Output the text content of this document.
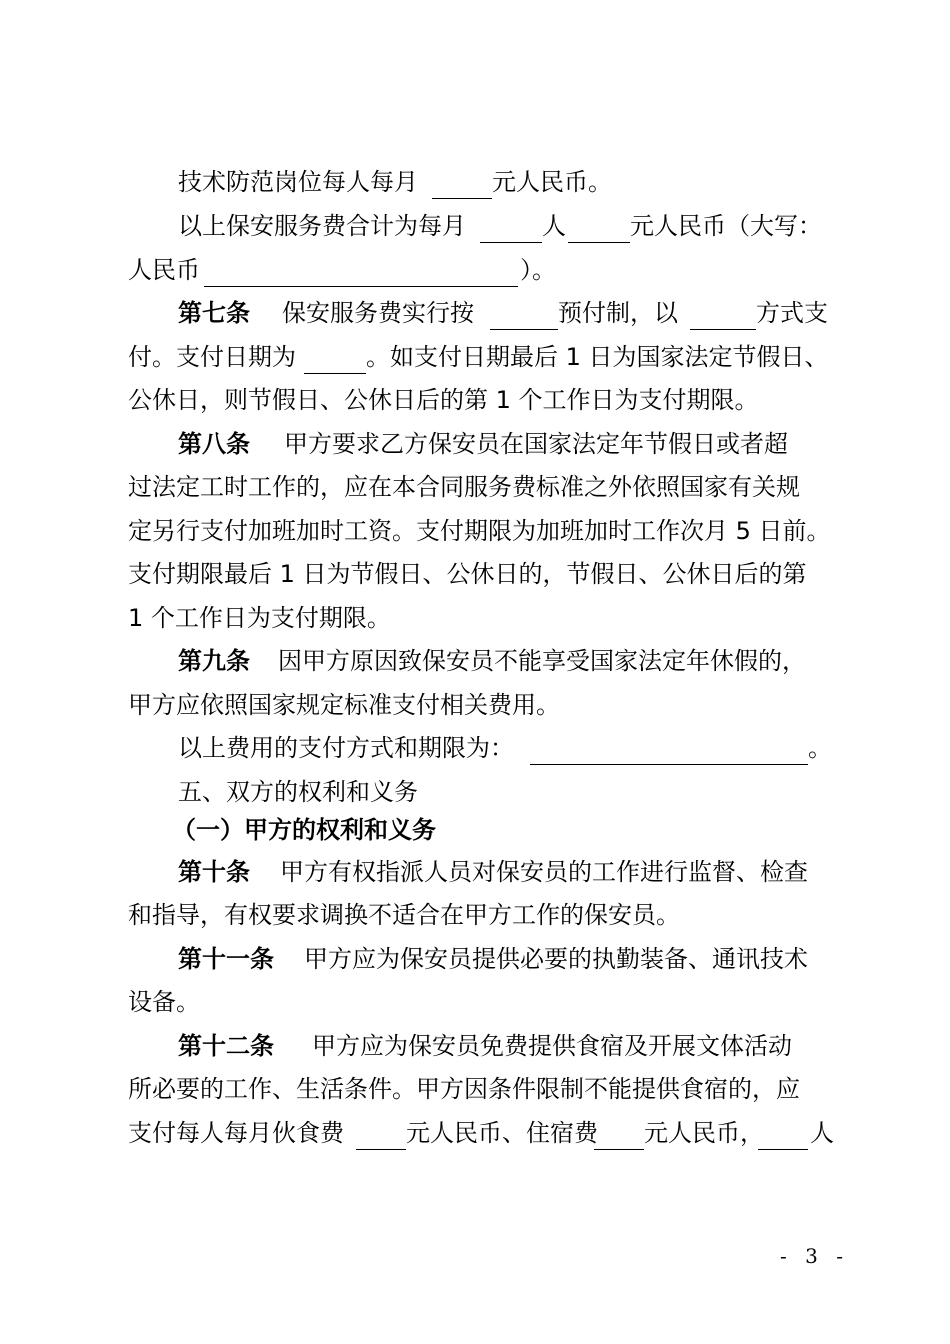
技术防范岗位每人每月	元人民币。
以上保安服务费合计为每月	人	元人民币（大写：
人民币	）。
第七条 保安服务费实行按	预付制，以	方式支
付。支付日期为	。如支付日期最后 1 日为国家法定节假日、
公休日，则节假日、公休日后的第 1 个工作日为支付期限。
第八条 甲方要求乙方保安员在国家法定年节假日或者超
过法定工时工作的，应在本合同服务费标准之外依照国家有关规
定另行支付加班加时工资。支付期限为加班加时工作次月 5 日前。
支付期限最后 1 日为节假日、公休日的，节假日、公休日后的第
1 个工作日为支付期限。
第九条 因甲方原因致保安员不能享受国家法定年休假的，
甲方应依照国家规定标准支付相关费用。
以上费用的支付方式和期限为：	。
五、双方的权利和义务
（一）甲方的权利和义务
第十条 甲方有权指派人员对保安员的工作进行监督、检查
和指导，有权要求调换不适合在甲方工作的保安员。
第十一条 甲方应为保安员提供必要的执勤装备、通讯技术
设备。
第十二条 甲方应为保安员免费提供食宿及开展文体活动
所必要的工作、生活条件。甲方因条件限制不能提供食宿的，应
支付每人每月伙食费	元人民币、住宿费 元人民币， 人
- 3 -
